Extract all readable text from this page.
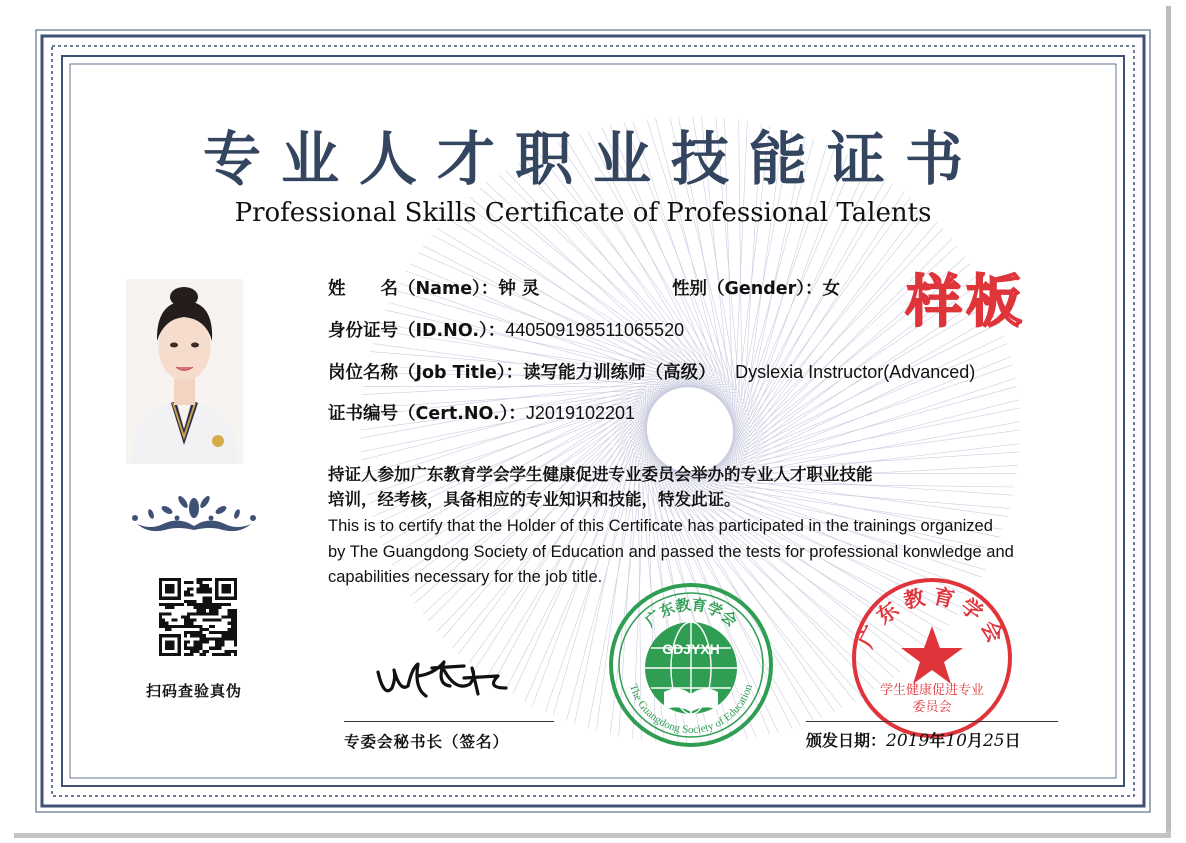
专业人才职业技能证书
Professional Skills Certificate of Professional Talents
姓　　名（Name）：钟 灵	性别（Gender）：女
身份证号（ID.NO.）：440509198511065520
岗位名称（Job Title）：读写能力训练师（高级） Dyslexia Instructor(Advanced)
证书编号（Cert.NO.）：J2019102201
样板
持证人参加广东教育学会学生健康促进专业委员会举办的专业人才职业技能
培训，经考核，具备相应的专业知识和技能，特发此证。
This is to certify that the Holder of this Certificate has participated in the trainings organized
by The Guangdong Society of Education and passed the tests for professional konwledge and
capabilities necessary for the job title.
扫码查验真伪
专委会秘书长（签名）
广东教育学会
GDJYXH
The Guangdong Society of Education
广东教育学会
学生健康促进专业
委员会
颁发日期：2019年10月25日
